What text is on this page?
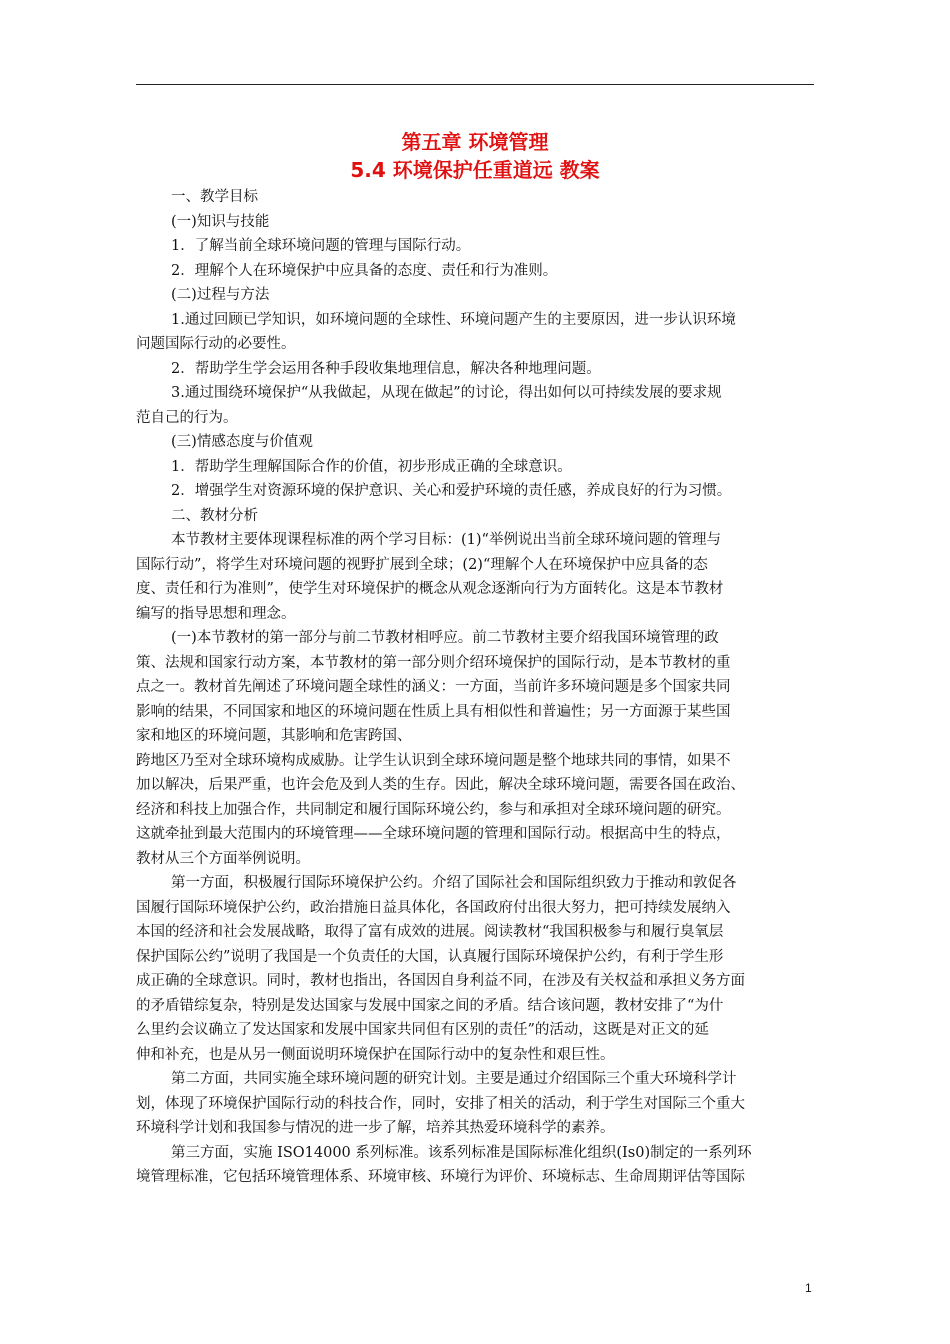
第五章 环境管理
5.4 环境保护任重道远 教案
一、教学目标
(一)知识与技能
1．了解当前全球环境问题的管理与国际行动。
2．理解个人在环境保护中应具备的态度、责任和行为准则。
(二)过程与方法
1.通过回顾已学知识，如环境问题的全球性、环境问题产生的主要原因，进一步认识环境
问题国际行动的必要性。
2．帮助学生学会运用各种手段收集地理信息，解决各种地理问题。
3.通过围绕环境保护“从我做起，从现在做起”的讨论，得出如何以可持续发展的要求规
范自己的行为。
(三)情感态度与价值观
1．帮助学生理解国际合作的价值，初步形成正确的全球意识。
2．增强学生对资源环境的保护意识、关心和爱护环境的责任感，养成良好的行为习惯。
二、教材分析
本节教材主要体现课程标准的两个学习目标：(1)“举例说出当前全球环境问题的管理与
国际行动”，将学生对环境问题的视野扩展到全球；(2)“理解个人在环境保护中应具备的态
度、责任和行为准则”，使学生对环境保护的概念从观念逐渐向行为方面转化。这是本节教材
编写的指导思想和理念。
(一)本节教材的第一部分与前二节教材相呼应。前二节教材主要介绍我国环境管理的政
策、法规和国家行动方案，本节教材的第一部分则介绍环境保护的国际行动，是本节教材的重
点之一。教材首先阐述了环境问题全球性的涵义：一方面，当前许多环境问题是多个国家共同
影响的结果，不同国家和地区的环境问题在性质上具有相似性和普遍性；另一方面源于某些国
家和地区的环境问题，其影响和危害跨国、
跨地区乃至对全球环境构成威胁。让学生认识到全球环境问题是整个地球共同的事情，如果不
加以解决，后果严重，也许会危及到人类的生存。因此，解决全球环境问题，需要各国在政治、
经济和科技上加强合作，共同制定和履行国际环境公约，参与和承担对全球环境问题的研究。
这就牵扯到最大范围内的环境管理——全球环境问题的管理和国际行动。根据高中生的特点，
教材从三个方面举例说明。
第一方面，积极履行国际环境保护公约。介绍了国际社会和国际组织致力于推动和敦促各
国履行国际环境保护公约，政治措施日益具体化，各国政府付出很大努力，把可持续发展纳入
本国的经济和社会发展战略，取得了富有成效的进展。阅读教材“我国积极参与和履行臭氧层
保护国际公约”说明了我国是一个负责任的大国，认真履行国际环境保护公约，有利于学生形
成正确的全球意识。同时，教材也指出，各国因自身利益不同，在涉及有关权益和承担义务方面
的矛盾错综复杂，特别是发达国家与发展中国家之间的矛盾。结合该问题，教材安排了“为什
么里约会议确立了发达国家和发展中国家共同但有区别的责任”的活动，这既是对正文的延
伸和补充，也是从另一侧面说明环境保护在国际行动中的复杂性和艰巨性。
第二方面，共同实施全球环境问题的研究计划。主要是通过介绍国际三个重大环境科学计
划，体现了环境保护国际行动的科技合作，同时，安排了相关的活动，利于学生对国际三个重大
环境科学计划和我国参与情况的进一步了解，培养其热爱环境科学的素养。
第三方面，实施 ISO14000 系列标准。该系列标准是国际标准化组织(Is0)制定的一系列环
境管理标准，它包括环境管理体系、环境审核、环境行为评价、环境标志、生命周期评估等国际
1
